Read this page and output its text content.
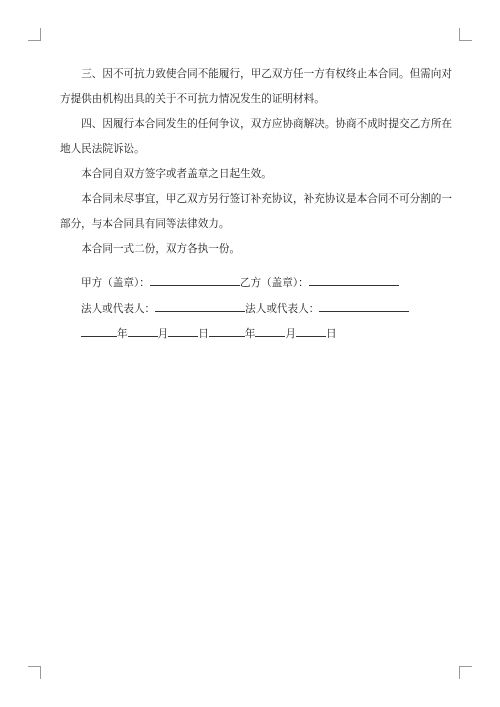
三、因不可抗力致使合同不能履行，甲乙双方任一方有权终止本合同。但需向对

方提供由机构出具的关于不可抗力情况发生的证明材料。

四、因履行本合同发生的任何争议，双方应协商解决。协商不成时提交乙方所在

地人民法院诉讼。

本合同自双方签字或者盖章之日起生效。

本合同未尽事宜，甲乙双方另行签订补充协议，补充协议是本合同不可分割的一

部分，与本合同具有同等法律效力。

本合同一式二份，双方各执一份。

甲方（盖章）：	乙方（盖章）：
法人或代表人：	法人或代表人：
年	月	日	年	月	日
